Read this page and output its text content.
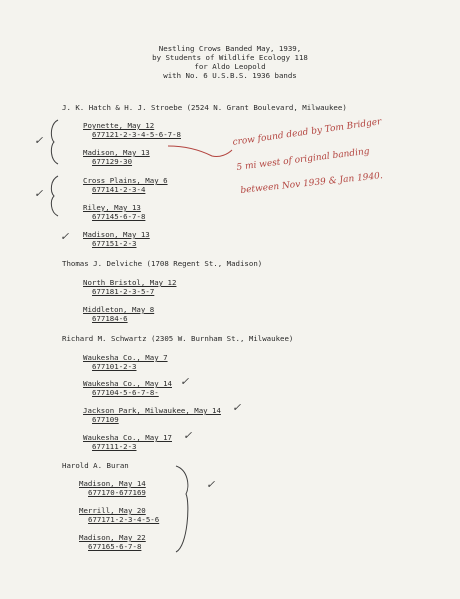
Nestling Crows Banded May, 1939,
by Students of Wildlife Ecology 118
for Aldo Leopold
with No. 6 U.S.B.S. 1936 bands
J. K. Hatch & H. J. Stroebe (2524 N. Grant Boulevard, Milwaukee)
Poynette, May 12
677121-2-3-4-5-6-7-8
Madison, May 13
677129-30
Cross Plains, May 6
677141-2-3-4
Riley, May 13
677145-6-7-8
Madison, May 13
677151-2-3
Thomas J. Delviche (1708 Regent St., Madison)
North Bristol, May 12
677181-2-3-5-7
Middleton, May 8
677184-6
Richard M. Schwartz (2305 W. Burnham St., Milwaukee)
Waukesha Co., May 7
677101-2-3
Waukesha Co., May 14
677104-5-6-7-8-
Jackson Park, Milwaukee, May 14
677109
Waukesha Co., May 17
677111-2-3
Harold A. Buran
Madison, May 14
677170-677169
Merrill, May 20
677171-2-3-4-5-6
Madison, May 22
677165-6-7-8
crow found dead by Tom Bridger
5 mi west of original banding
between Nov 1939 & Jan 1940.
✓
✓
✓
✓
✓
✓
✓
